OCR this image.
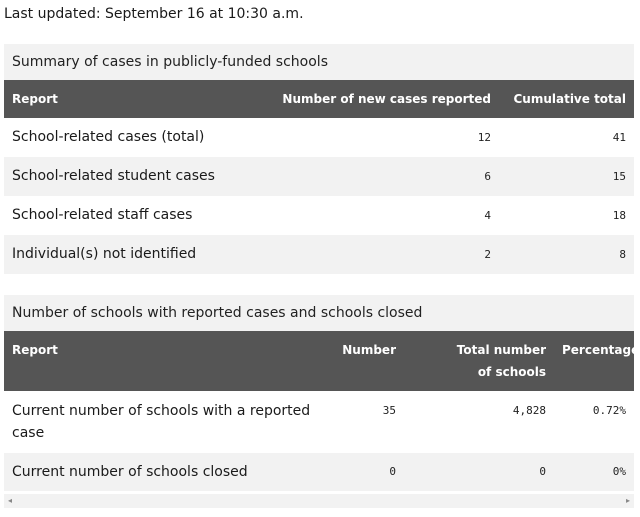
Last updated: September 16 at 10:30 a.m.
Summary of cases in publicly-funded schools
Report	Number of new cases reported	Cumulative total
School-related cases (total)	12	41
School-related student cases	6	15
School-related staff cases	4	18
Individual(s) not identified	2	8
Number of schools with reported cases and schools closed
Report	Number	Total number of schools	Percentage
Current number of schools with a reported case	35	4,828	0.72%
Current number of schools closed	0	0	0%
◂	▸
